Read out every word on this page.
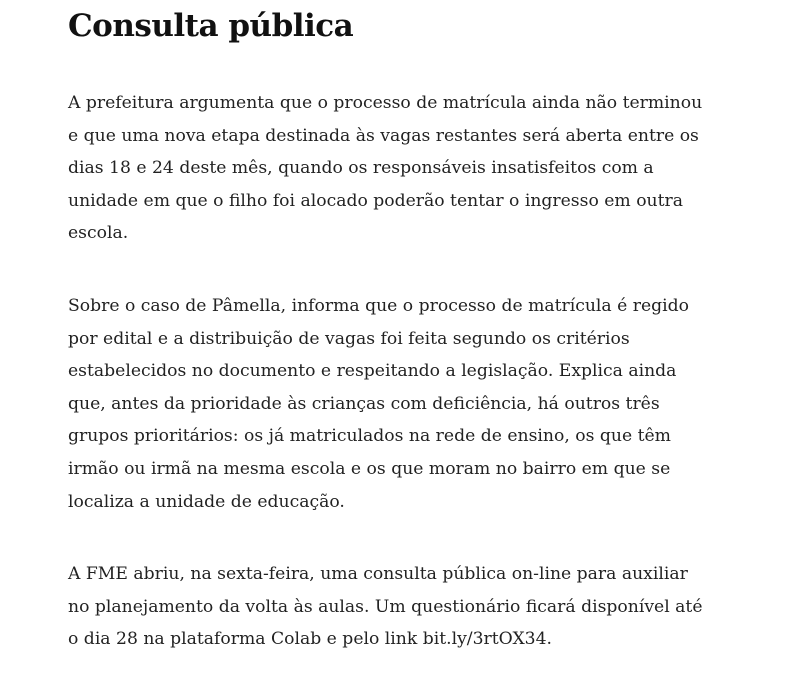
Consulta pública

A prefeitura argumenta que o processo de matrícula ainda não terminou
e que uma nova etapa destinada às vagas restantes será aberta entre os
dias 18 e 24 deste mês, quando os responsáveis insatisfeitos com a
unidade em que o filho foi alocado poderão tentar o ingresso em outra
escola.

Sobre o caso de Pâmella, informa que o processo de matrícula é regido
por edital e a distribuição de vagas foi feita segundo os critérios
estabelecidos no documento e respeitando a legislação. Explica ainda
que, antes da prioridade às crianças com deficiência, há outros três
grupos prioritários: os já matriculados na rede de ensino, os que têm
irmão ou irmã na mesma escola e os que moram no bairro em que se
localiza a unidade de educação.

A FME abriu, na sexta-feira, uma consulta pública on-line para auxiliar
no planejamento da volta às aulas. Um questionário ficará disponível até
o dia 28 na plataforma Colab e pelo link bit.ly/3rtOX34.
